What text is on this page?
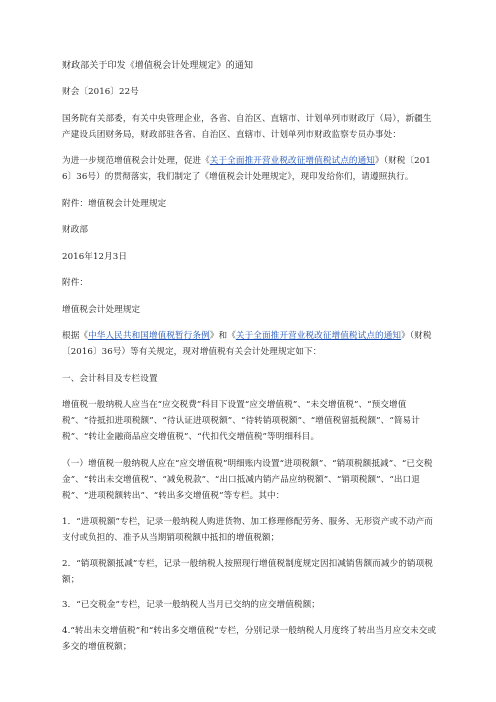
财政部关于印发《增值税会计处理规定》的通知

财会〔2016〕22号

国务院有关部委，有关中央管理企业，各省、自治区、直辖市、计划单列市财政厅（局），新疆生产建设兵团财务局，财政部驻各省、自治区、直辖市、计划单列市财政监察专员办事处：

为进一步规范增值税会计处理，促进《关于全面推开营业税改征增值税试点的通知》（财税〔2016〕36号）的贯彻落实，我们制定了《增值税会计处理规定》，现印发给你们，请遵照执行。

附件：增值税会计处理规定

财政部

2016年12月3日

附件：

增值税会计处理规定

根据《中华人民共和国增值税暂行条例》和《关于全面推开营业税改征增值税试点的通知》（财税〔2016〕36号）等有关规定，现对增值税有关会计处理规定如下：

一、会计科目及专栏设置

增值税一般纳税人应当在“应交税费”科目下设置“应交增值税”、“未交增值税”、“预交增值税”、“待抵扣进项税额”、“待认证进项税额”、“待转销项税额”、“增值税留抵税额”、“简易计税”、“转让金融商品应交增值税”、“代扣代交增值税”等明细科目。

（一）增值税一般纳税人应在“应交增值税”明细账内设置“进项税额”、“销项税额抵减”、“已交税金”、“转出未交增值税”、“减免税款”、“出口抵减内销产品应纳税额”、“销项税额”、“出口退税”、“进项税额转出”、“转出多交增值税”等专栏。其中：

1．“进项税额”专栏，记录一般纳税人购进货物、加工修理修配劳务、服务、无形资产或不动产而支付或负担的、准予从当期销项税额中抵扣的增值税额；

2．“销项税额抵减”专栏，记录一般纳税人按照现行增值税制度规定因扣减销售额而减少的销项税额；

3．“已交税金”专栏，记录一般纳税人当月已交纳的应交增值税额；

4.“转出未交增值税”和“转出多交增值税”专栏，分别记录一般纳税人月度终了转出当月应交未交或多交的增值税额；
